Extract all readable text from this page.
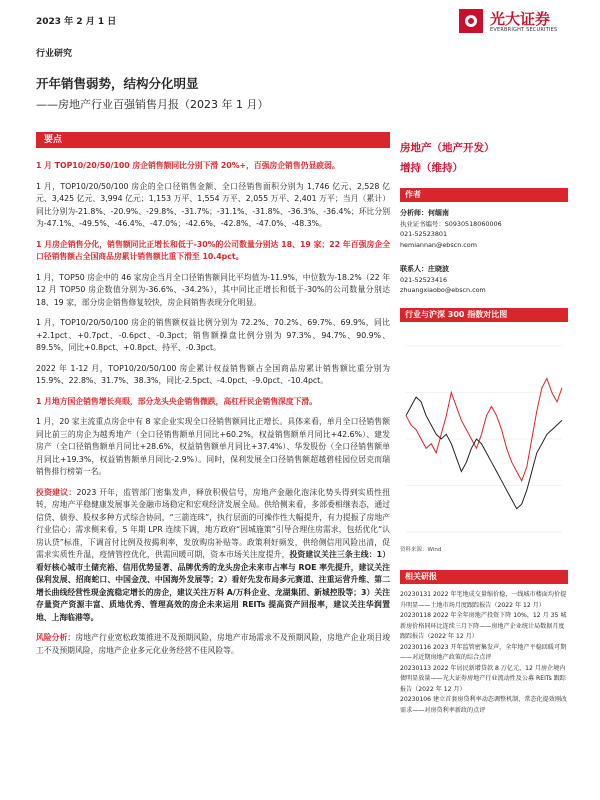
2023 年 2 月 1 日	光大证券
EVERBRIGHT SECURITIES
行业研究
开年销售弱势，结构分化明显
——房地产行业百强销售月报（2023 年 1 月）
要点

1 月 TOP10/20/50/100 房企销售额同比分别下滑 20%+，百强房企销售仍显疲弱。

1 月，TOP10/20/50/100 房企的全口径销售金额、全口径销售面积分别为 1,746 亿元、2,528 亿元、3,425 亿元、3,994 亿元；1,153 万平、1,554 万平、2,055 万平、2,401 万平；当月（累计）同比分别为-21.8%、-20.9%、-29.8%、-31.7%；-31.1%、-31.8%、-36.3%、-36.4%；环比分别为-47.1%、-49.5%、-46.4%、-47.0%；-42.6%、-42.8%、-47.0%、-48.3%。

1 月房企销售分化，销售额同比正增长和低于-30%的公司数量分别达 18、19 家；22 年百强房企全口径销售额占全国商品房累计销售额比重下滑至 10.4pct。

1 月，TOP50 房企中的 46 家房企当月全口径销售额同比平均值为-11.9%，中位数为-18.2%（22 年 12 月 TOP50 房企数值分别为-36.6%、-34.2%），其中同比正增长和低于-30%的公司数量分别达 18、19 家，部分房企销售修复较快，房企间销售表现分化明显。

1 月，TOP10/20/50/100 房企的销售额权益比例分别为 72.2%、70.2%、69.7%、69.9%，同比+2.1pct、+0.7pct、-0.6pct、-0.3pct；销售额操盘比例分别为 97.3%、94.7%、90.9%、89.5%，同比+0.8pct、+0.8pct、持平、-0.3pct。

2022 年 1-12 月，TOP10/20/50/100 房企累计权益销售额占全国商品房累计销售额比重分别为 15.9%、22.8%、31.7%、38.3%，同比-2.5pct、-4.0pct、-9.0pct、-10.4pct。

1 月地方国企销售增长亮眼，部分龙头央企销售微跌，高杠杆民企销售深度下滑。

1 月，20 家主流重点房企中有 8 家企业实现全口径销售额同比正增长。具体来看，单月全口径销售额同比前三的房企为越秀地产（全口径销售额单月同比+60.2%，权益销售额单月同比+42.6%）、建发房产（全口径销售额单月同比+28.6%，权益销售额单月同比+37.4%）、华发股份（全口径销售额单月同比+19.3%，权益销售额单月同比-2.9%）。同时，保利发展全口径销售额超越碧桂园位居克而瑞销售排行榜第一名。

投资建议：2023 开年，监管部门密集发声，释放积极信号，房地产金融化泡沫化势头得到实质性扭转，房地产平稳健康发展事关金融市场稳定和宏观经济发展全局。供给侧来看，多部委相继表态，通过信贷、债券、股权多种方式综合协同，“三箭连珠”，执行层面的可操作性大幅提升，有力提振了房地产行业信心；需求侧来看，5 年期 LPR 连续下调，地方政府“因城施策”引导合理住房需求，包括优化“认房认贷”标准，下调首付比例及按揭利率，发放购房补贴等。政策利好频发，供给侧信用风险出清，促需求实质性升温，疫情管控优化，供需回暖可期，资本市场关注度提升，投资建议关注三条主线：1）看好核心城市土储充裕、信用优势显著、品牌优秀的龙头房企未来市占率与 ROE 率先提升，建议关注保利发展、招商蛇口、中国金茂、中国海外发展等；2）看好先发布局多元赛道、注重运营升维、第二增长曲线经营性现金流稳定增长的房企，建议关注万科 A/万科企业、龙湖集团、新城控股等；3）关注存量资产资源丰富、质地优秀、管理高效的房企未来运用 REITs 提高资产回报率，建议关注华润置地、上海临港等。

风险分析：房地产行业宽松政策推进不及预期风险，房地产市场需求不及预期风险，房地产企业项目竣工不及预期风险，房地产企业多元化业务经营不佳风险等。

房地产（地产开发）
增持（维持）
作者
分析师：何缅南
执业证书编号：S0930518060006
021-52523801
hemiannan@ebscn.com
联系人：庄晓波
021-52523416
zhuangxiaobo@ebscn.com
行业与沪深 300 指数对比图
资料来源：Wind
相关研报

20230131 2022 年宅地成交量缩价稳，一线城市楼面均价提升明显——土地市场月度跟踪报告（2022 年 12 月）

20230118 2022 年全年房地产投资下降 10%，12 月 35 城新房价格同环比连续三月下降——房地产企业统计局数据月度跟踪报告（2022 年 12 月）

20230116 2023 开年监管密集发声，全年地产平稳回暖可期——对近期房地产政策的综合点评

20230113 2022 年居民新增贷款 8 万亿元，12 月房企境内债明显放量——光大证券房地产行业流动性及公募 REITs 跟踪报告（2022 年 12 月）

20230106 建立首套房贷利率动态调整机制，常态化提效刚改需求——对房贷利率新政的点评
